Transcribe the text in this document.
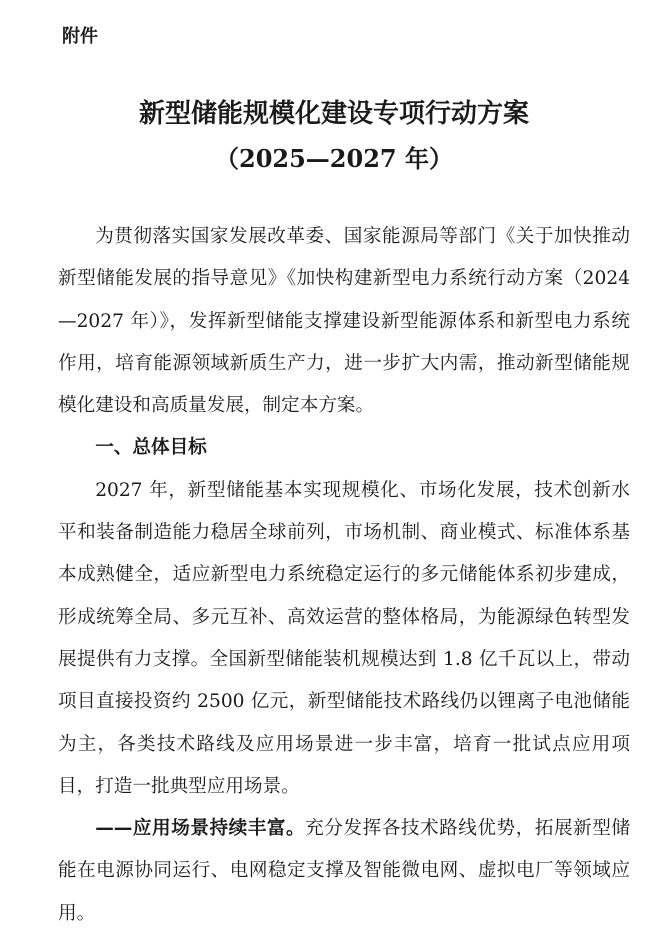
附件
新型储能规模化建设专项行动方案
（2025—2027 年）

为贯彻落实国家发展改革委、国家能源局等部门《关于加快推动新型储能发展的指导意见》《加快构建新型电力系统行动方案（2024—2027 年）》，发挥新型储能支撑建设新型能源体系和新型电力系统作用，培育能源领域新质生产力，进一步扩大内需，推动新型储能规模化建设和高质量发展，制定本方案。

一、总体目标

2027 年，新型储能基本实现规模化、市场化发展，技术创新水平和装备制造能力稳居全球前列，市场机制、商业模式、标准体系基本成熟健全，适应新型电力系统稳定运行的多元储能体系初步建成，形成统筹全局、多元互补、高效运营的整体格局，为能源绿色转型发展提供有力支撑。全国新型储能装机规模达到 1.8 亿千瓦以上，带动项目直接投资约 2500 亿元，新型储能技术路线仍以锂离子电池储能为主，各类技术路线及应用场景进一步丰富，培育一批试点应用项目，打造一批典型应用场景。

——应用场景持续丰富。充分发挥各技术路线优势，拓展新型储能在电源协同运行、电网稳定支撑及智能微电网、虚拟电厂等领域应用。
